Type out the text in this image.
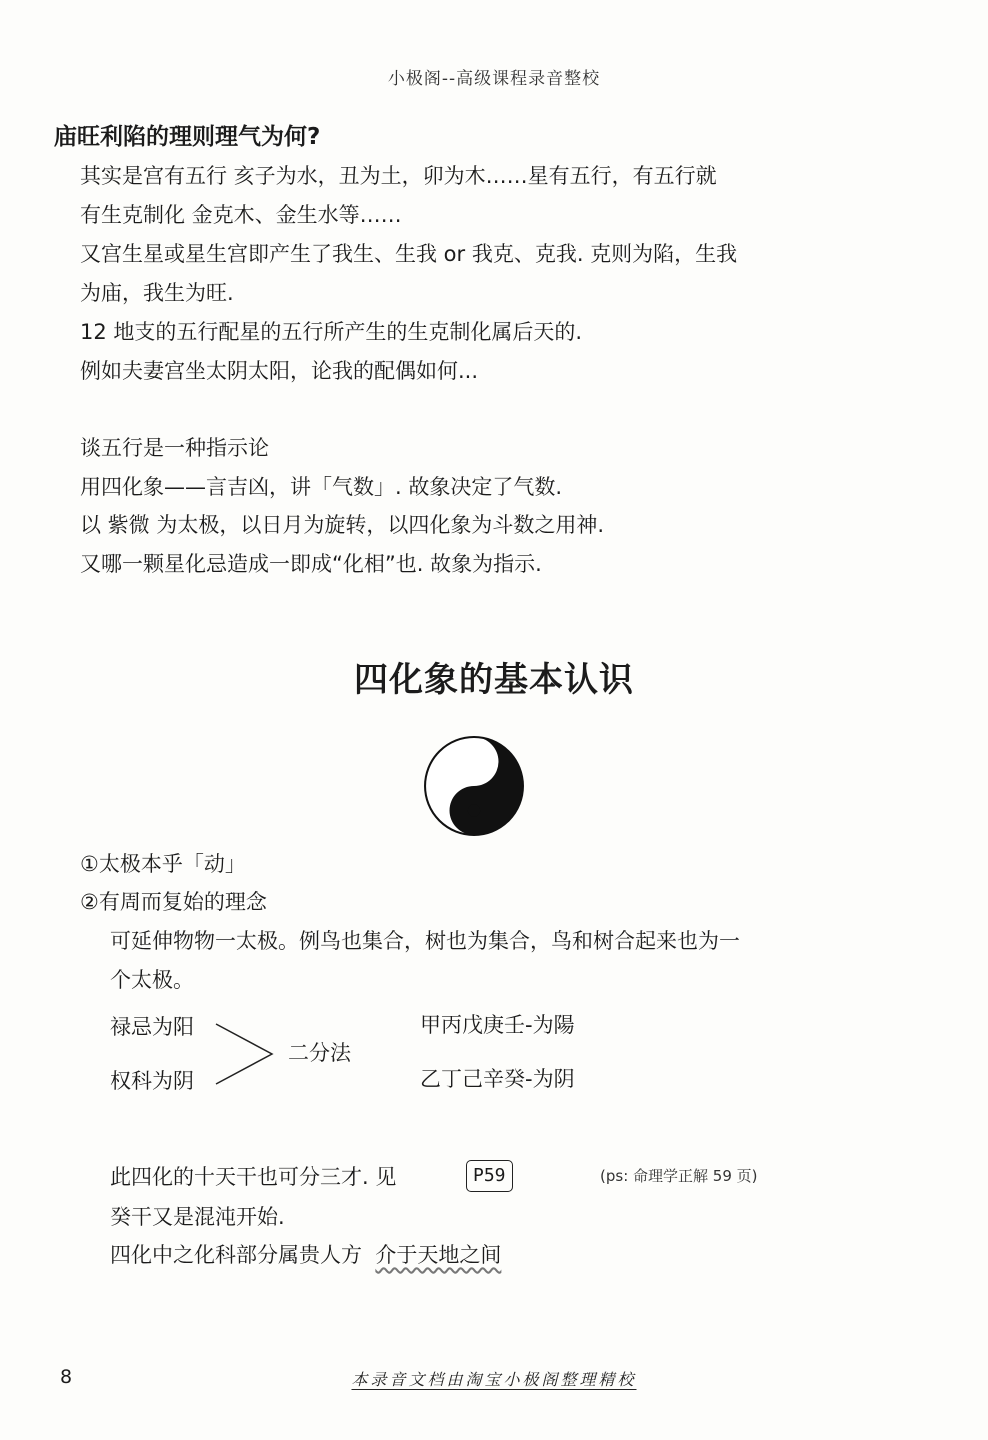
小极阁--高级课程录音整校
庙旺利陷的理则理气为何?
其实是宫有五行 亥子为水，丑为土，卯为木……星有五行，有五行就
有生克制化 金克木、金生水等……
又宫生星或星生宫即产生了我生、生我 or 我克、克我. 克则为陷，生我
为庙，我生为旺.
12 地支的五行配星的五行所产生的生克制化属后天的.
例如夫妻宫坐太阴太阳，论我的配偶如何...
谈五行是一种指示论
用四化象——言吉凶，讲「气数」. 故象决定了气数.
以 紫微 为太极，以日月为旋转，以四化象为斗数之用神.
又哪一颗星化忌造成一即成“化相”也. 故象为指示.
四化象的基本认识
①太极本乎「动」
②有周而复始的理念
可延伸物物一太极。例鸟也集合，树也为集合，鸟和树合起来也为一
个太极。
禄忌为阳
权科为阴
二分法
甲丙戊庚壬-为陽
乙丁己辛癸-为阴
此四化的十天干也可分三才. 见	P59	(ps: 命理学正解 59 页)
癸干又是混沌开始.
四化中之化科部分属贵人方  介于天地之间
8	本录音文档由淘宝小极阁整理精校
